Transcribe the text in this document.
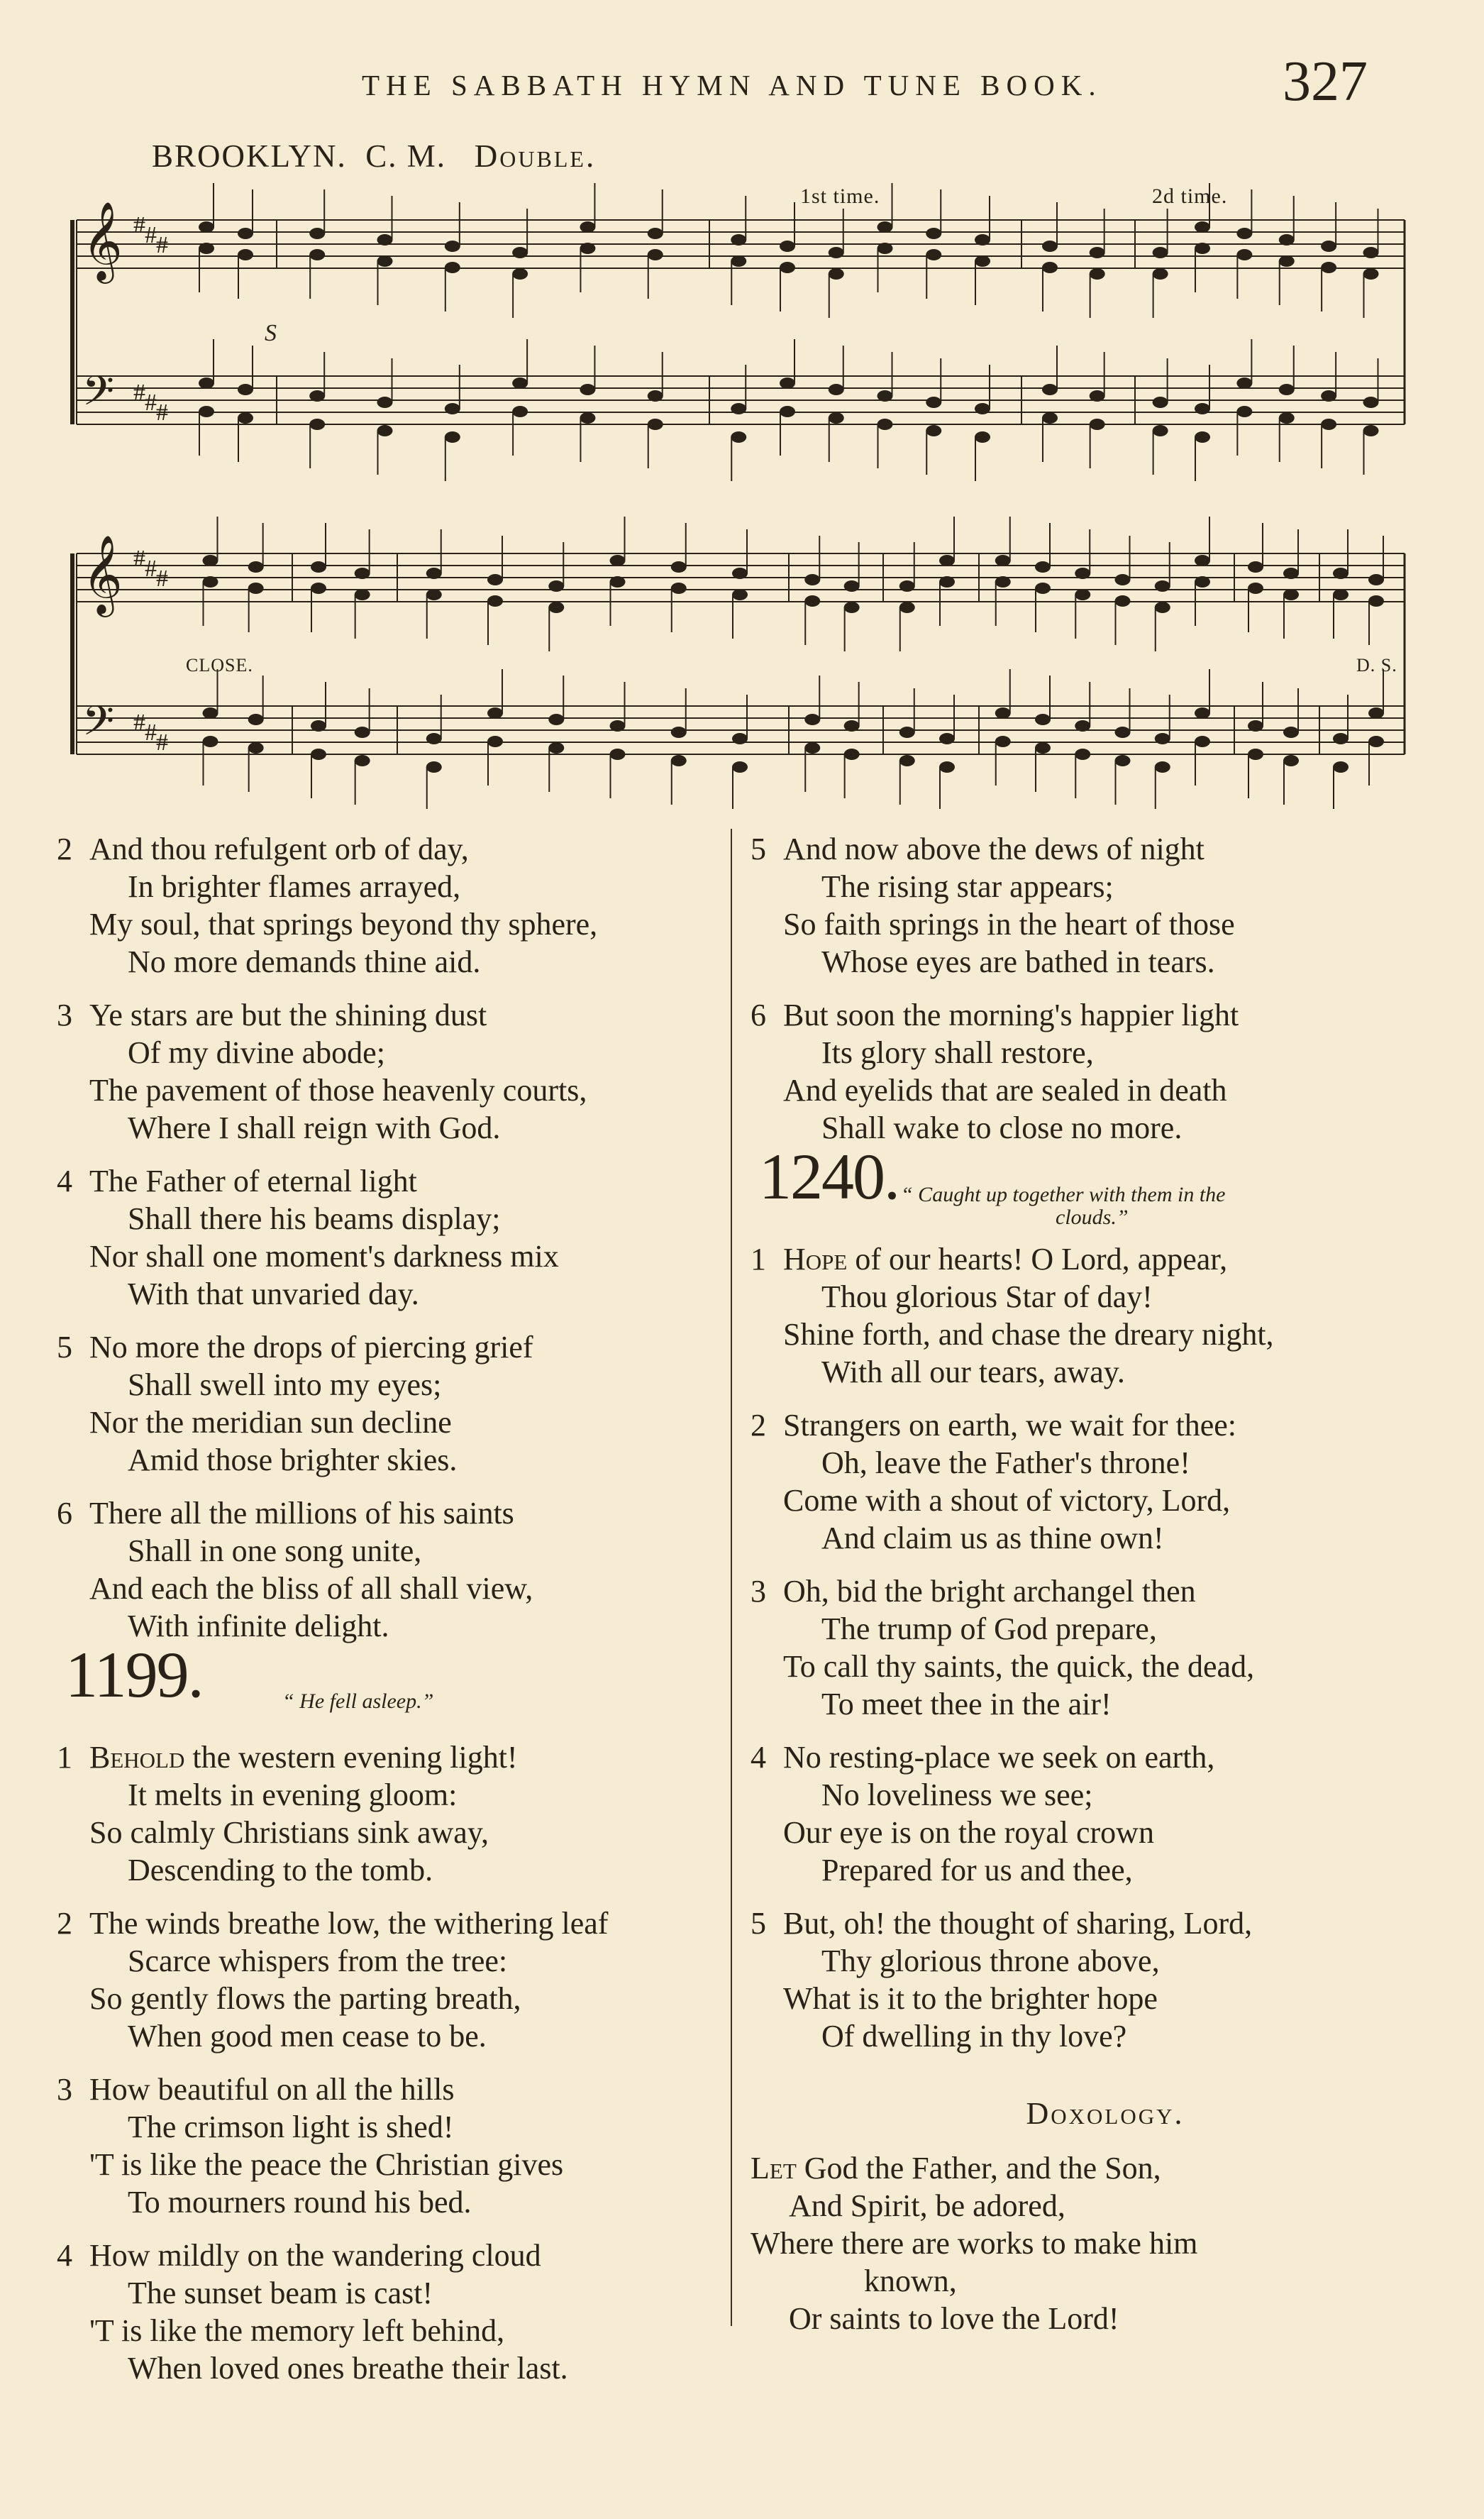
THE SABBATH HYMN AND TUNE BOOK.	327
BROOKLYN. C. M. Double.
𝄞
𝄢
#
#
#
#
#
#
𝄞
𝄢
#
#
#
#
#
#
1st time.	2d time.
CLOSE.	D. S.
S
2 And thou refulgent orb of day,
In brighter flames arrayed,
My soul, that springs beyond thy sphere,
No more demands thine aid.
3 Ye stars are but the shining dust
Of my divine abode;
The pavement of those heavenly courts,
Where I shall reign with God.
4 The Father of eternal light
Shall there his beams display;
Nor shall one moment's darkness mix
With that unvaried day.
5 No more the drops of piercing grief
Shall swell into my eyes;
Nor the meridian sun decline
Amid those brighter skies.
6 There all the millions of his saints
Shall in one song unite,
And each the bliss of all shall view,
With infinite delight.
1199.	“ He fell asleep.”
1 Behold the western evening light!
It melts in evening gloom:
So calmly Christians sink away,
Descending to the tomb.
2 The winds breathe low, the withering leaf
Scarce whispers from the tree:
So gently flows the parting breath,
When good men cease to be.
3 How beautiful on all the hills
The crimson light is shed!
'T is like the peace the Christian gives
To mourners round his bed.
4 How mildly on the wandering cloud
The sunset beam is cast!
'T is like the memory left behind,
When loved ones breathe their last.
5 And now above the dews of night
The rising star appears;
So faith springs in the heart of those
Whose eyes are bathed in tears.
6 But soon the morning's happier light
Its glory shall restore,
And eyelids that are sealed in death
Shall wake to close no more.
1240. “ Caught up together with them in the
clouds.”
1 Hope of our hearts! O Lord, appear,
Thou glorious Star of day!
Shine forth, and chase the dreary night,
With all our tears, away.
2 Strangers on earth, we wait for thee:
Oh, leave the Father's throne!
Come with a shout of victory, Lord,
And claim us as thine own!
3 Oh, bid the bright archangel then
The trump of God prepare,
To call thy saints, the quick, the dead,
To meet thee in the air!
4 No resting-place we seek on earth,
No loveliness we see;
Our eye is on the royal crown
Prepared for us and thee,
5 But, oh! the thought of sharing, Lord,
Thy glorious throne above,
What is it to the brighter hope
Of dwelling in thy love?
Doxology.
Let God the Father, and the Son,
And Spirit, be adored,
Where there are works to make him
known,
Or saints to love the Lord!
